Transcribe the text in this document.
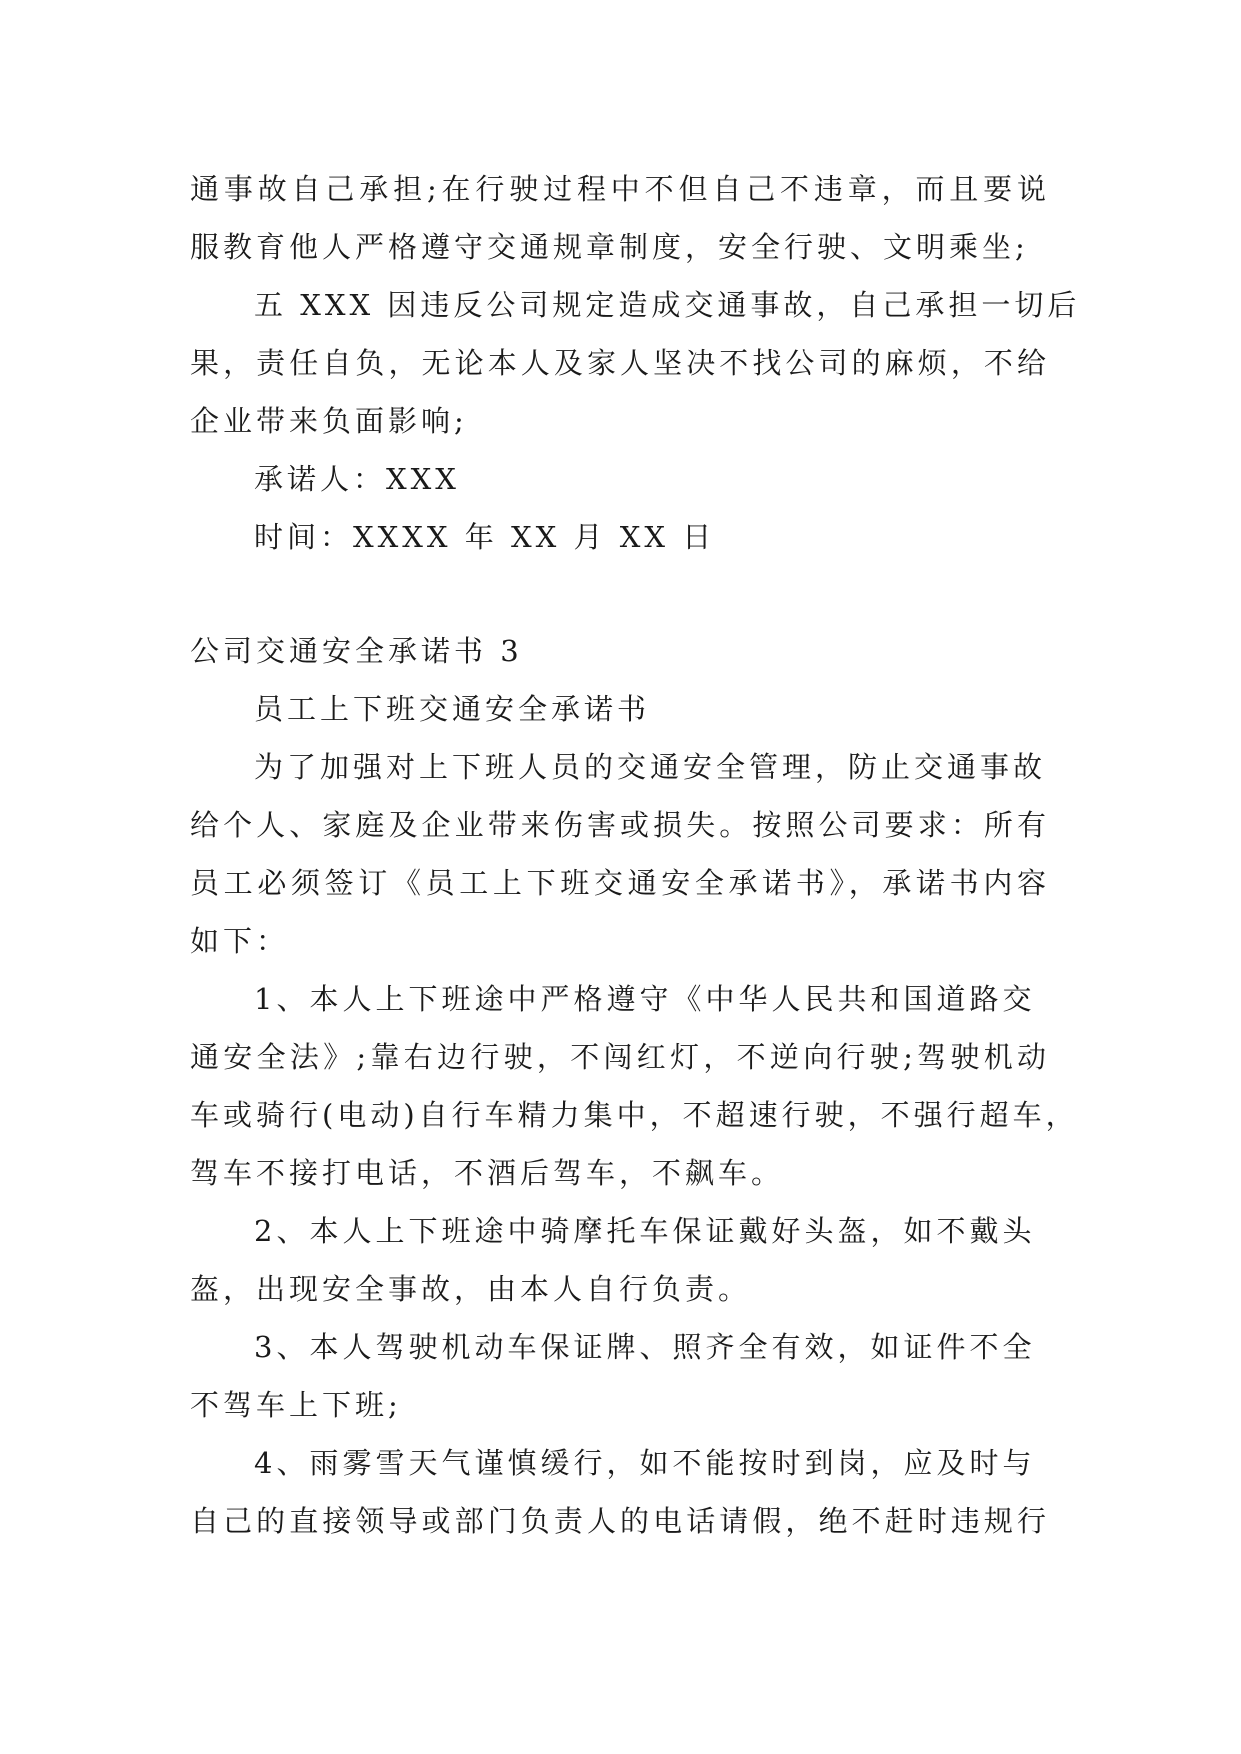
通事故自己承担;在行驶过程中不但自己不违章，而且要说
服教育他人严格遵守交通规章制度，安全行驶、文明乘坐;
五 XXX 因违反公司规定造成交通事故，自己承担一切后
果，责任自负，无论本人及家人坚决不找公司的麻烦，不给
企业带来负面影响;
承诺人：XXX
时间：XXXX 年 XX 月 XX 日
公司交通安全承诺书 3
员工上下班交通安全承诺书
为了加强对上下班人员的交通安全管理，防止交通事故
给个人、家庭及企业带来伤害或损失。按照公司要求：所有
员工必须签订《员工上下班交通安全承诺书》，承诺书内容
如下：
1、本人上下班途中严格遵守《中华人民共和国道路交
通安全法》;靠右边行驶，不闯红灯，不逆向行驶;驾驶机动
车或骑行(电动)自行车精力集中，不超速行驶，不强行超车，
驾车不接打电话，不酒后驾车，不飙车。
2、本人上下班途中骑摩托车保证戴好头盔，如不戴头
盔，出现安全事故，由本人自行负责。
3、本人驾驶机动车保证牌、照齐全有效，如证件不全
不驾车上下班;
4、雨雾雪天气谨慎缓行，如不能按时到岗，应及时与
自己的直接领导或部门负责人的电话请假，绝不赶时违规行
